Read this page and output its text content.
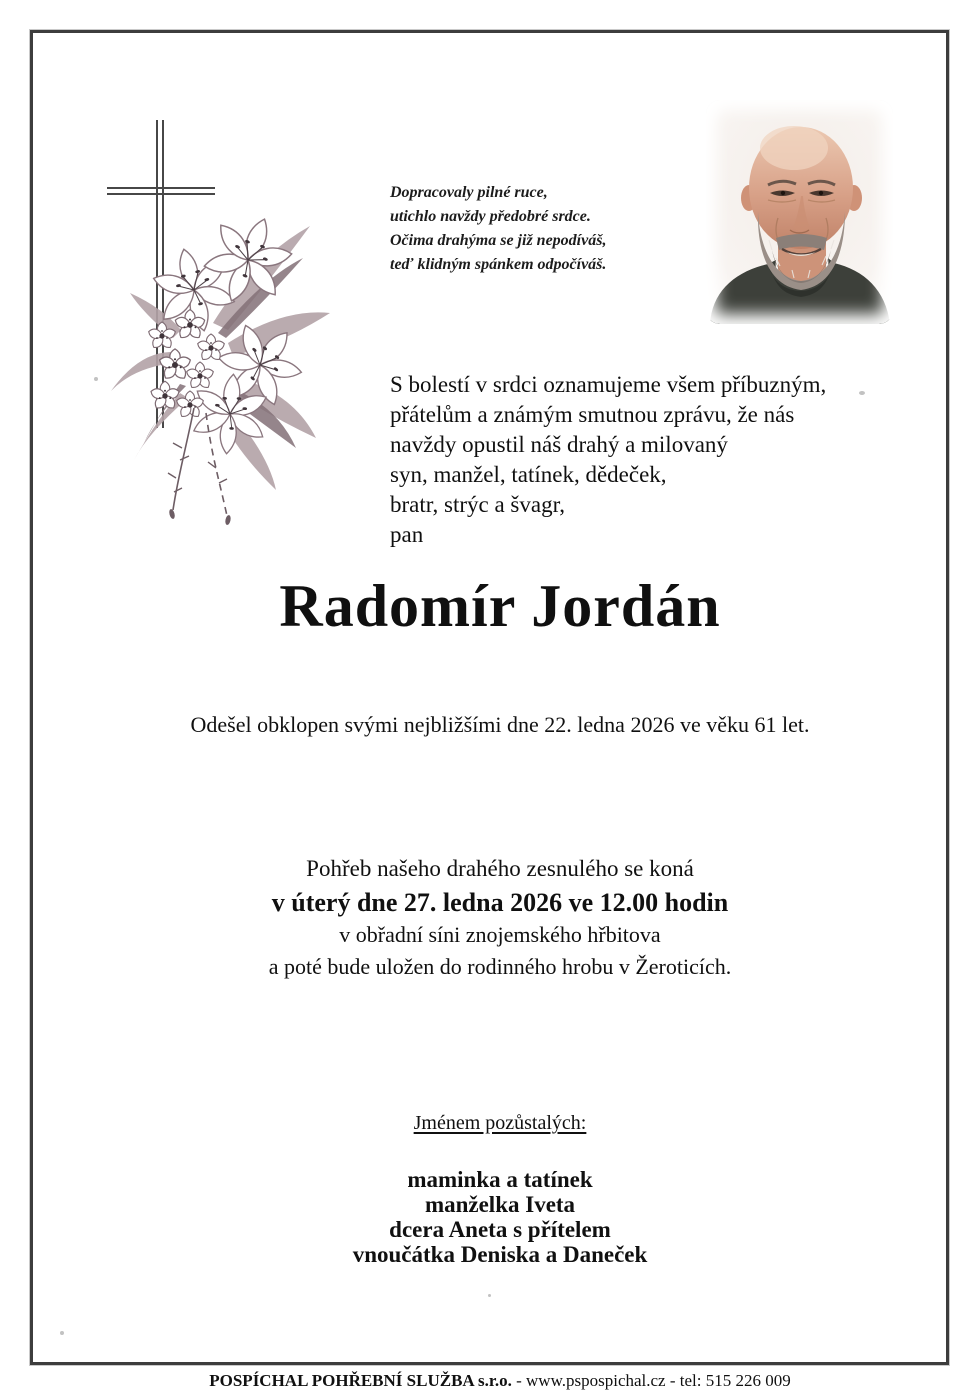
Dopracovaly pilné ruce,
utichlo navždy předobré srdce.
Očima drahýma se již nepodíváš,
teď klidným spánkem odpočíváš.
S bolestí v srdci oznamujeme všem příbuzným,
přátelům a známým smutnou zprávu, že nás
navždy opustil náš drahý a milovaný
syn, manžel, tatínek, dědeček,
bratr, strýc a švagr,
pan
Radomír Jordán
Odešel obklopen svými nejbližšími dne 22. ledna 2026 ve věku 61 let.
Pohřeb našeho drahého zesnulého se koná
v úterý dne 27. ledna 2026 ve 12.00 hodin
v obřadní síni znojemského hřbitova
a poté bude uložen do rodinného hrobu v Žeroticích.
Jménem pozůstalých:
maminka a tatínek
manželka Iveta
dcera Aneta s přítelem
vnoučátka Deniska a Daneček
POSPÍCHAL POHŘEBNÍ SLUŽBA s.r.o. - www.pspospichal.cz - tel: 515 226 009
